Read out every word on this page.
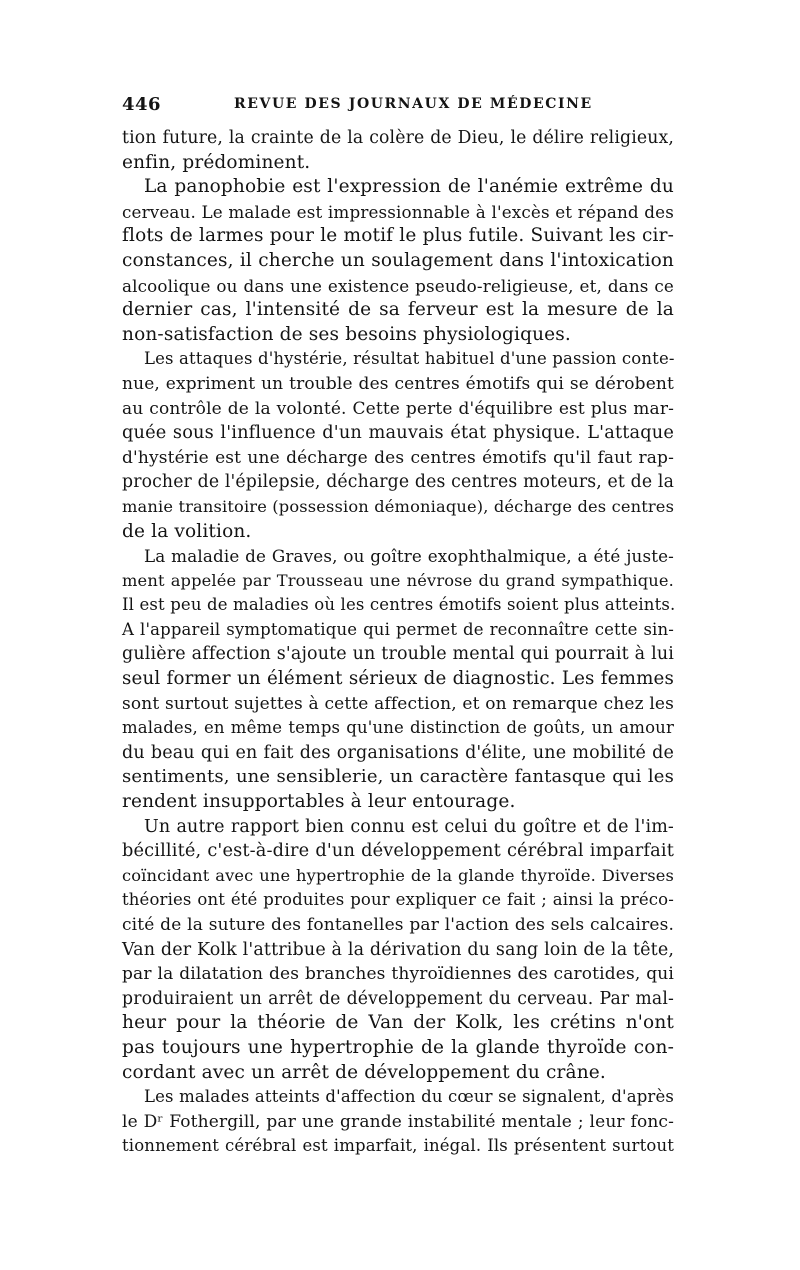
446	REVUE DES JOURNAUX DE MÉDECINE
tion future, la crainte de la colère de Dieu, le délire religieux,
enfin, prédominent.
La panophobie est l'expression de l'anémie extrême du
cerveau. Le malade est impressionnable à l'excès et répand des
flots de larmes pour le motif le plus futile. Suivant les cir-
constances, il cherche un soulagement dans l'intoxication
alcoolique ou dans une existence pseudo-religieuse, et, dans ce
dernier cas, l'intensité de sa ferveur est la mesure de la
non-satisfaction de ses besoins physiologiques.
Les attaques d'hystérie, résultat habituel d'une passion conte-
nue, expriment un trouble des centres émotifs qui se dérobent
au contrôle de la volonté. Cette perte d'équilibre est plus mar-
quée sous l'influence d'un mauvais état physique. L'attaque
d'hystérie est une décharge des centres émotifs qu'il faut rap-
procher de l'épilepsie, décharge des centres moteurs, et de la
manie transitoire (possession démoniaque), décharge des centres
de la volition.
La maladie de Graves, ou goître exophthalmique, a été juste-
ment appelée par Trousseau une névrose du grand sympathique.
Il est peu de maladies où les centres émotifs soient plus atteints.
A l'appareil symptomatique qui permet de reconnaître cette sin-
gulière affection s'ajoute un trouble mental qui pourrait à lui
seul former un élément sérieux de diagnostic. Les femmes
sont surtout sujettes à cette affection, et on remarque chez les
malades, en même temps qu'une distinction de goûts, un amour
du beau qui en fait des organisations d'élite, une mobilité de
sentiments, une sensiblerie, un caractère fantasque qui les
rendent insupportables à leur entourage.
Un autre rapport bien connu est celui du goître et de l'im-
bécillité, c'est-à-dire d'un développement cérébral imparfait
coïncidant avec une hypertrophie de la glande thyroïde. Diverses
théories ont été produites pour expliquer ce fait ; ainsi la préco-
cité de la suture des fontanelles par l'action des sels calcaires.
Van der Kolk l'attribue à la dérivation du sang loin de la tête,
par la dilatation des branches thyroïdiennes des carotides, qui
produiraient un arrêt de développement du cerveau. Par mal-
heur pour la théorie de Van der Kolk, les crétins n'ont
pas toujours une hypertrophie de la glande thyroïde con-
cordant avec un arrêt de développement du crâne.
Les malades atteints d'affection du cœur se signalent, d'après
le Dʳ Fothergill, par une grande instabilité mentale ; leur fonc-
tionnement cérébral est imparfait, inégal. Ils présentent surtout
